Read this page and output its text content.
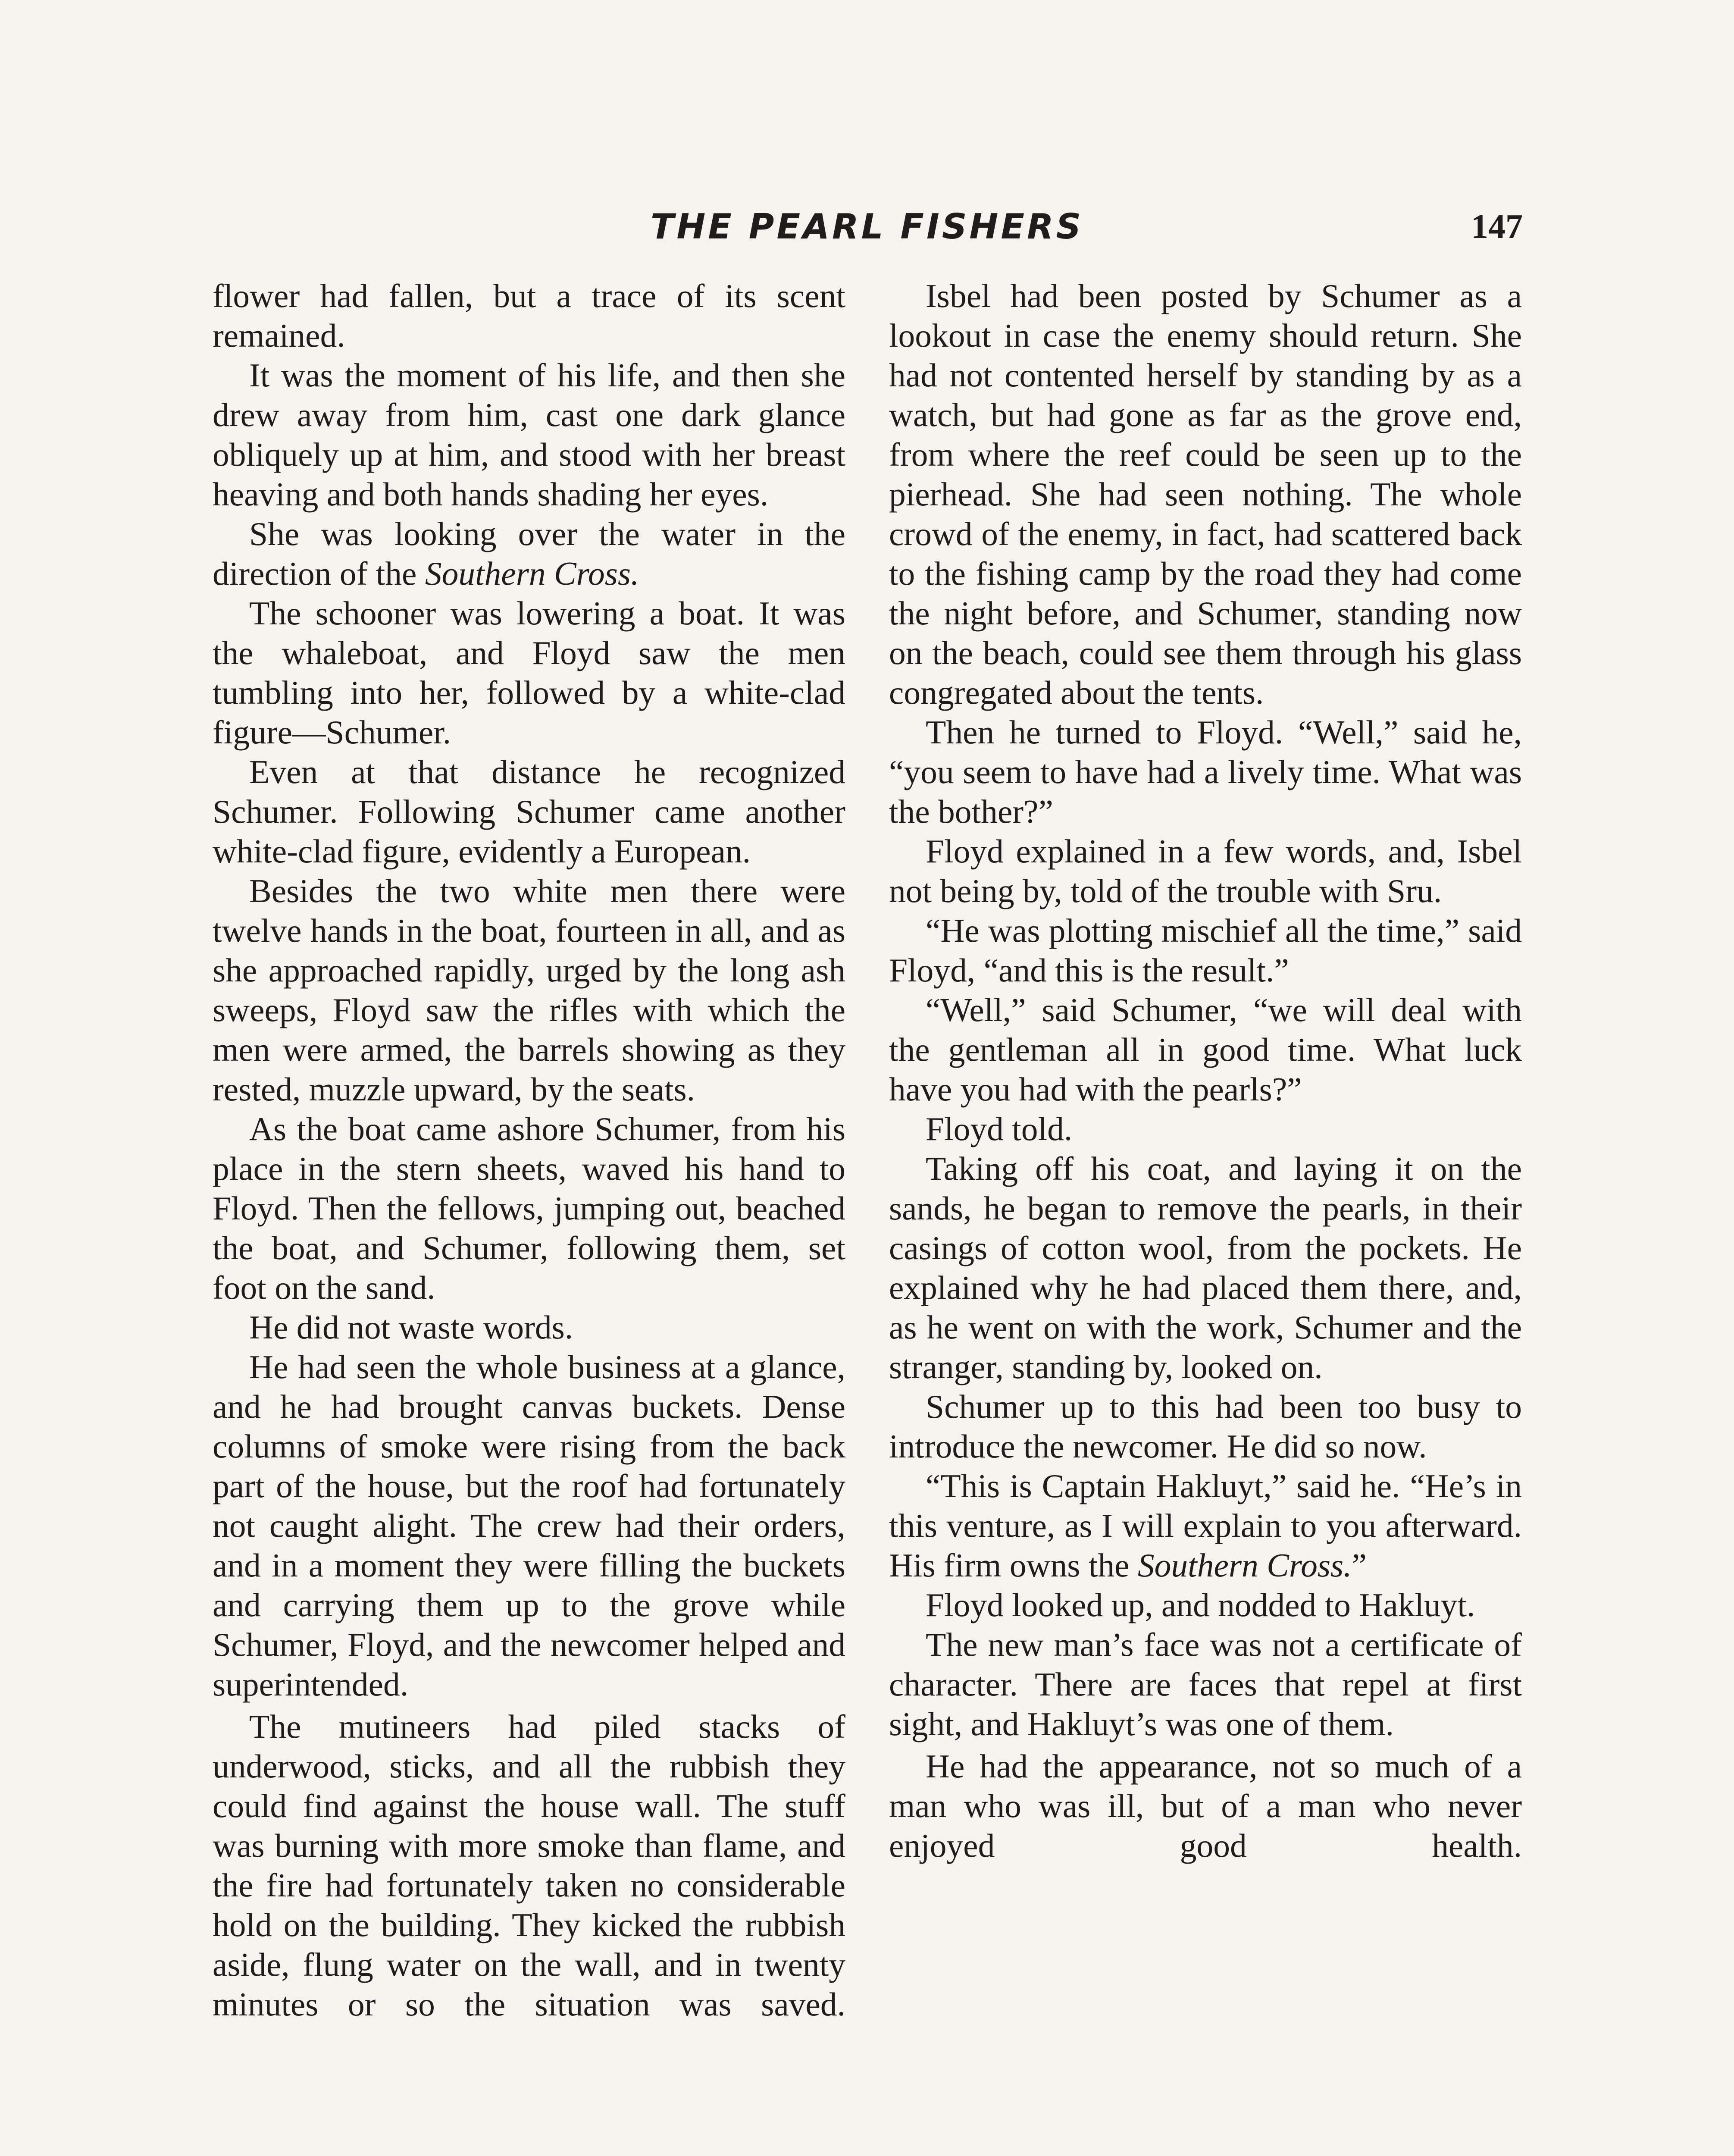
THE PEARL FISHERS	147

flower had fallen, but a trace of its scent remained.

It was the moment of his life, and then she drew away from him, cast one dark glance obliquely up at him, and stood with her breast heaving and both hands shading her eyes.

She was looking over the water in the direction of the Southern Cross.

The schooner was lowering a boat. It was the whaleboat, and Floyd saw the men tumbling into her, followed by a white-clad figure—Schumer.

Even at that distance he recognized Schumer. Following Schumer came another white-clad figure, evidently a European.

Besides the two white men there were twelve hands in the boat, fourteen in all, and as she approached rapidly, urged by the long ash sweeps, Floyd saw the rifles with which the men were armed, the barrels showing as they rested, muzzle upward, by the seats.

As the boat came ashore Schumer, from his place in the stern sheets, waved his hand to Floyd. Then the fellows, jumping out, beached the boat, and Schumer, following them, set foot on the sand.

He did not waste words.

He had seen the whole business at a glance, and he had brought canvas buckets. Dense columns of smoke were rising from the back part of the house, but the roof had fortunately not caught alight. The crew had their orders, and in a moment they were filling the buckets and carrying them up to the grove while Schumer, Floyd, and the newcomer helped and superintended.

The mutineers had piled stacks of underwood, sticks, and all the rubbish they could find against the house wall. The stuff was burning with more smoke than flame, and the fire had fortunately taken no considerable hold on the building. They kicked the rubbish aside, flung water on the wall, and in twenty minutes or so the situation was saved.

Isbel had been posted by Schumer as a lookout in case the enemy should return. She had not contented herself by standing by as a watch, but had gone as far as the grove end, from where the reef could be seen up to the pierhead. She had seen nothing. The whole crowd of the enemy, in fact, had scattered back to the fishing camp by the road they had come the night before, and Schumer, standing now on the beach, could see them through his glass congregated about the tents.

Then he turned to Floyd. “Well,” said he, “you seem to have had a lively time. What was the bother?”

Floyd explained in a few words, and, Isbel not being by, told of the trouble with Sru.

“He was plotting mischief all the time,” said Floyd, “and this is the result.”

“Well,” said Schumer, “we will deal with the gentleman all in good time. What luck have you had with the pearls?”

Floyd told.

Taking off his coat, and laying it on the sands, he began to remove the pearls, in their casings of cotton wool, from the pockets. He explained why he had placed them there, and, as he went on with the work, Schumer and the stranger, standing by, looked on.

Schumer up to this had been too busy to introduce the newcomer. He did so now.

“This is Captain Hakluyt,” said he. “He’s in this venture, as I will explain to you afterward. His firm owns the Southern Cross.”

Floyd looked up, and nodded to Hakluyt.

The new man’s face was not a certificate of character. There are faces that repel at first sight, and Hakluyt’s was one of them.

He had the appearance, not so much of a man who was ill, but of a man who never enjoyed good health.
